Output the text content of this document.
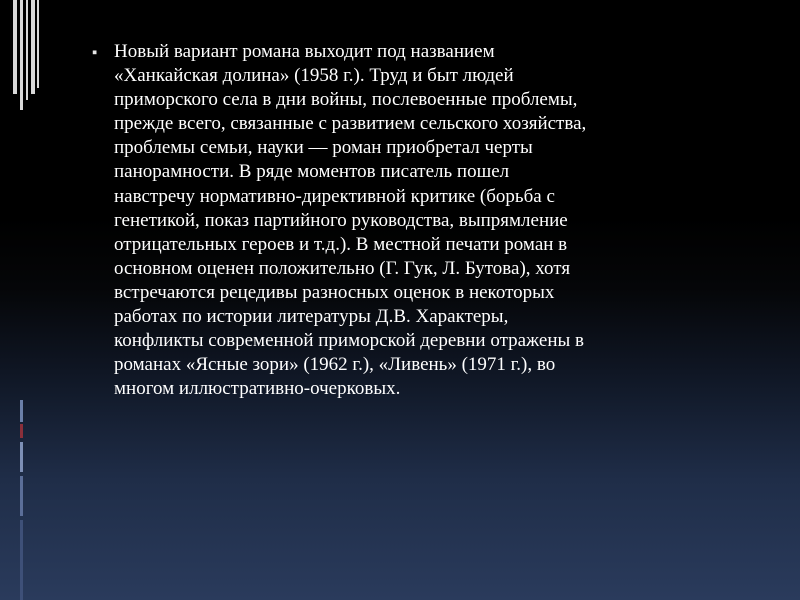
▪ Новый вариант романа выходит под названием
«Ханкайская долина» (1958 г.). Труд и быт людей
приморского села в дни войны, послевоенные проблемы,
прежде всего, связанные с развитием сельского хозяйства,
проблемы семьи, науки — роман приобретал черты
панорамности. В ряде моментов писатель пошел
навстречу нормативно-директивной критике (борьба с
генетикой, показ партийного руководства, выпрямление
отрицательных героев и т.д.). В местной печати роман в
основном оценен положительно (Г. Гук, Л. Бутова), хотя
встречаются рецедивы разносных оценок в некоторых
работах по истории литературы Д.В. Характеры,
конфликты современной приморской деревни отражены в
романах «Ясные зори» (1962 г.), «Ливень» (1971 г.), во
многом иллюстративно-очерковых.
